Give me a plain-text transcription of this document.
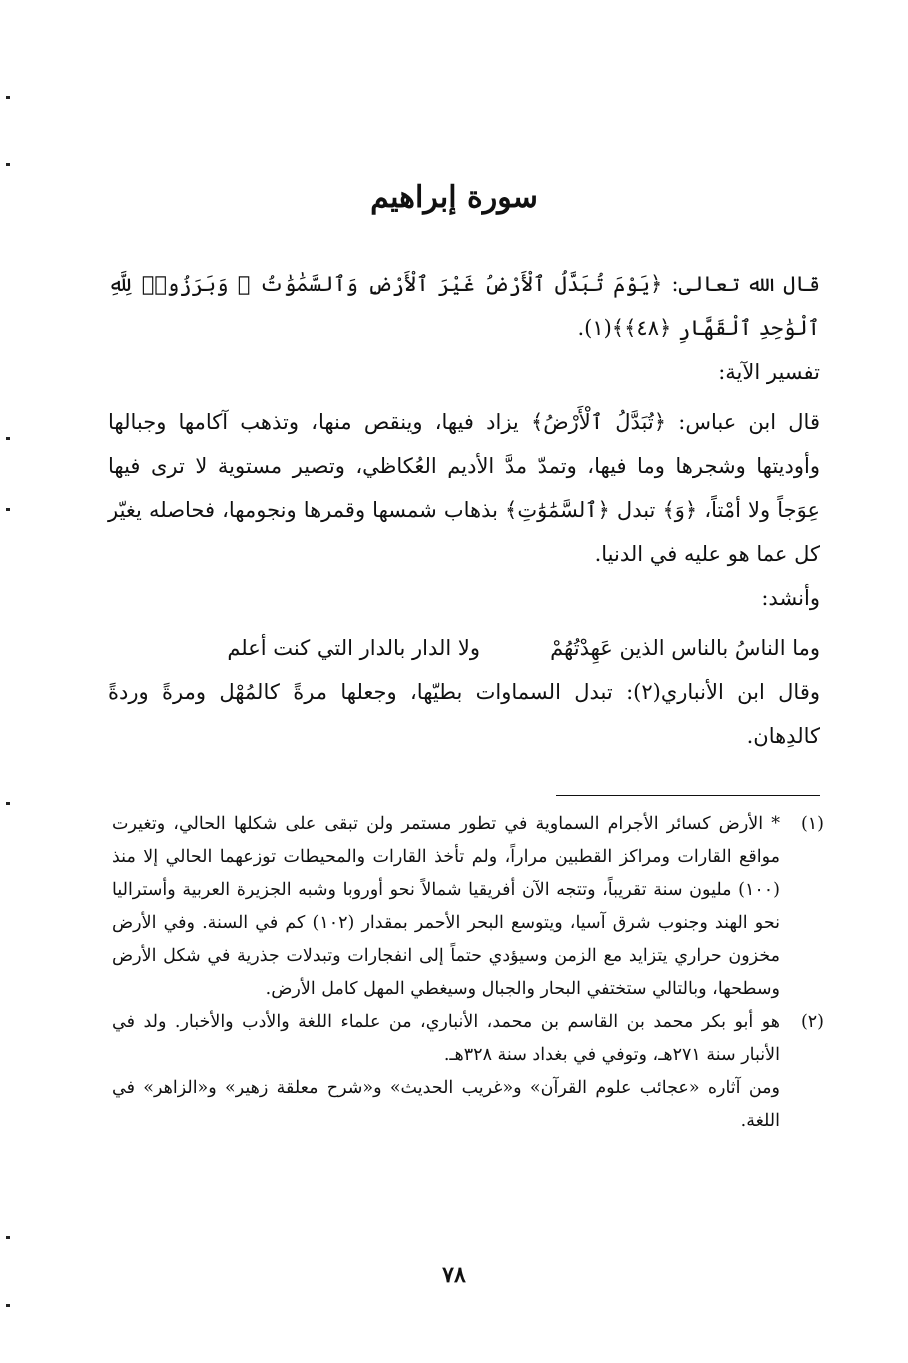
سورة إبراهيم

قال الله تعالى: ﴿يَوْمَ تُبَدَّلُ ٱلْأَرْضُ غَيْرَ ٱلْأَرْضِ وَٱلسَّمَٰوَٰتُ ۖ وَبَرَزُوا۟ لِلَّهِ ٱلْوَٰحِدِ ٱلْقَهَّارِ ﴿٤٨﴾﴾(١).

تفسير الآية:

قال ابن عباس: ﴿تُبَدَّلُ ٱلْأَرْضُ﴾ يزاد فيها، وينقص منها، وتذهب آكامها وجبالها وأوديتها وشجرها وما فيها، وتمدّ مدَّ الأديم العُكاظي، وتصير مستوية لا ترى فيها عِوَجاً ولا أمْتاً، ﴿وَ﴾ تبدل ﴿ٱلسَّمَٰوَٰتِ﴾ بذهاب شمسها وقمرها ونجومها، فحاصله يغيّر كل عما هو عليه في الدنيا.

وأنشد:

وما الناسُ بالناس الذين عَهِدْتُهُمْ
ولا الدار بالدار التي كنت أعلم

وقال ابن الأنباري(٢): تبدل السماوات بطيّها، وجعلها مرةً كالمُهْل ومرةً وردةً كالدِهان.

(١)

* الأرض كسائر الأجرام السماوية في تطور مستمر ولن تبقى على شكلها الحالي، وتغيرت مواقع القارات ومراكز القطبين مراراً، ولم تأخذ القارات والمحيطات توزعهما الحالي إلا منذ (١٠٠) مليون سنة تقريباً، وتتجه الآن أفريقيا شمالاً نحو أوروبا وشبه الجزيرة العربية وأستراليا نحو الهند وجنوب شرق آسيا، ويتوسع البحر الأحمر بمقدار (١٠٢) كم في السنة. وفي الأرض مخزون حراري يتزايد مع الزمن وسيؤدي حتماً إلى انفجارات وتبدلات جذرية في شكل الأرض وسطحها، وبالتالي ستختفي البحار والجبال وسيغطي المهل كامل الأرض.

(٢)

هو أبو بكر محمد بن القاسم بن محمد، الأنباري، من علماء اللغة والأدب والأخبار. ولد في الأنبار سنة ٢٧١هـ، وتوفي في بغداد سنة ٣٢٨هـ.

ومن آثاره «عجائب علوم القرآن» و«غريب الحديث» و«شرح معلقة زهير» و«الزاهر» في اللغة.

٧٨
